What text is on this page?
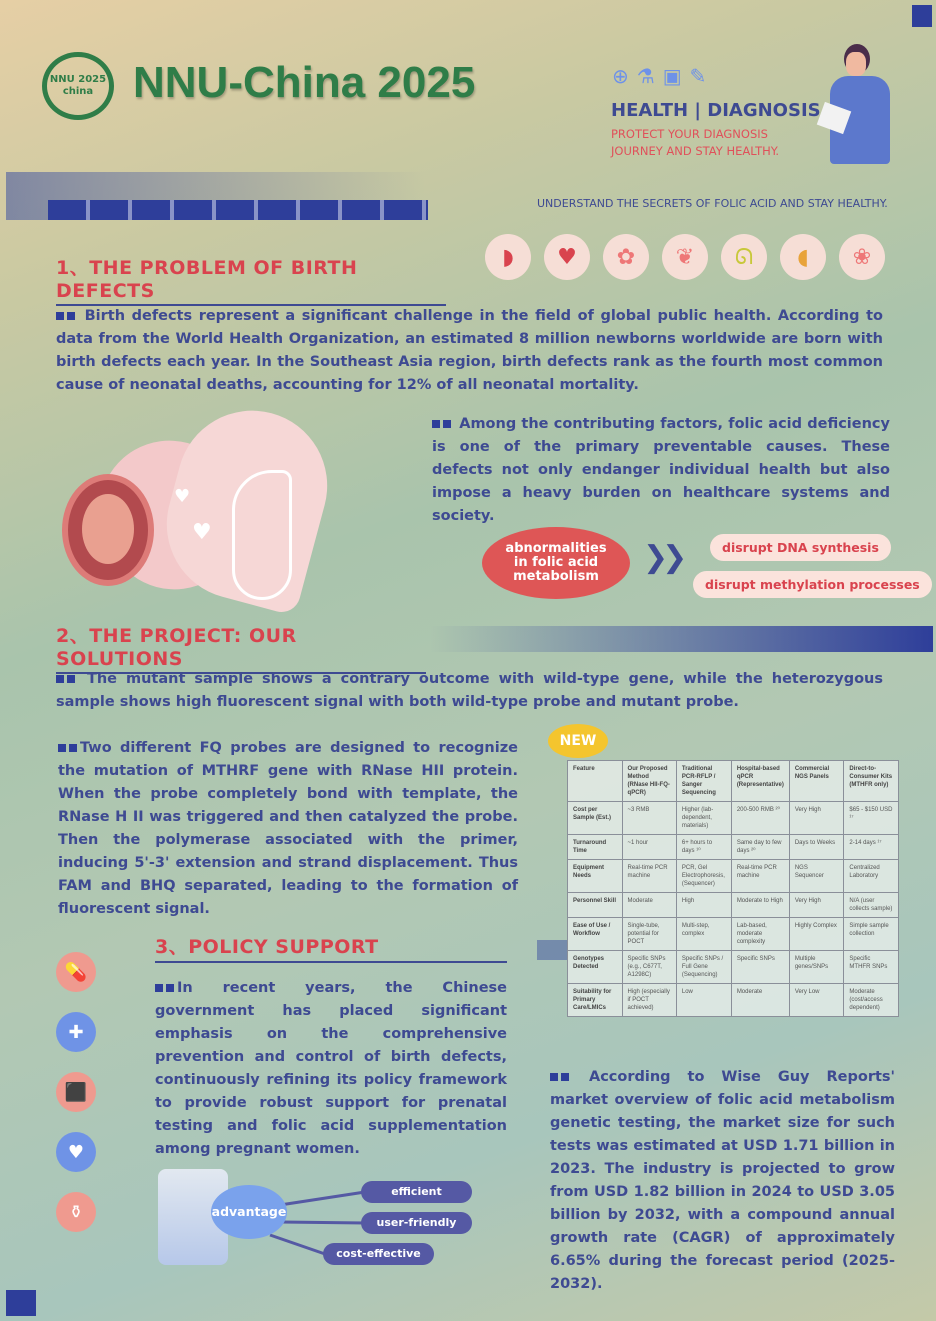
NNU 2025 china NNU-China 2025	⊕⚗▣✎
HEALTH | DIAGNOSIS
PROTECT YOUR DIAGNOSIS JOURNEY AND STAY HEALTHY.
UNDERSTAND THE SECRETS OF FOLIC ACID AND STAY HEALTHY.
1、THE PROBLEM OF BIRTH DEFECTS
◗	♥	✿	❦	ᘏ	◖	❀
Birth defects represent a significant challenge in the field of global public health. According to data from the World Health Organization, an estimated 8 million newborns worldwide are born with birth defects each year. In the Southeast Asia region, birth defects rank as the fourth most common cause of neonatal deaths, accounting for 12% of all neonatal mortality.
♥
♥
Among the contributing factors, folic acid deficiency is one of the primary preventable causes. These defects not only endanger individual health but also impose a heavy burden on healthcare systems and society.
abnormalities in folic acid metabolism
❯❯	disrupt DNA synthesis
disrupt methylation processes
2、THE PROJECT: OUR SOLUTIONS
The mutant sample shows a contrary outcome with wild-type gene, while the heterozygous sample shows high fluorescent signal with both wild-type probe and mutant probe.
Two different FQ probes are designed to recognize the mutation of MTHRF gene with RNase HII protein. When the probe completely bond with template, the RNase H II was triggered and then catalyzed the probe. Then the polymerase associated with the primer, inducing 5'-3' extension and strand displacement. Thus FAM and BHQ separated, leading to the formation of fluorescent signal.
NEW
Feature	Our Proposed Method (RNase HII-FQ-qPCR)	Traditional PCR-RFLP / Sanger Sequencing	Hospital-based qPCR (Representative)	Commercial NGS Panels	Direct-to-Consumer Kits (MTHFR only)
Cost per Sample (Est.)	~3 RMB	Higher (lab-dependent, materials)	200-500 RMB ²⁰	Very High	$65 - $150 USD ¹⁷
Turnaround Time	~1 hour	6+ hours to days ¹⁰	Same day to few days ²⁰	Days to Weeks	2-14 days ¹⁷
Equipment Needs	Real-time PCR machine	PCR, Gel Electrophoresis, (Sequencer)	Real-time PCR machine	NGS Sequencer	Centralized Laboratory
Personnel Skill	Moderate	High	Moderate to High	Very High	N/A (user collects sample)
Ease of Use / Workflow	Single-tube, potential for POCT	Multi-step, complex	Lab-based, moderate complexity	Highly Complex	Simple sample collection
Genotypes Detected	Specific SNPs (e.g., C677T, A1298C)	Specific SNPs / Full Gene (Sequencing)	Specific SNPs	Multiple genes/SNPs	Specific MTHFR SNPs
Suitability for Primary Care/LMICs	High (especially if POCT achieved)	Low	Moderate	Very Low	Moderate (cost/access dependent)
3、POLICY SUPPORT
💊
✚
⬛
♥
⚱
In recent years, the Chinese government has placed significant emphasis on the comprehensive prevention and control of birth defects, continuously refining its policy framework to provide robust support for prenatal testing and folic acid supplementation among pregnant women.
advantage
efficient
user-friendly
cost-effective
According to Wise Guy Reports' market overview of folic acid metabolism genetic testing, the market size for such tests was estimated at USD 1.71 billion in 2023. The industry is projected to grow from USD 1.82 billion in 2024 to USD 3.05 billion by 2032, with a compound annual growth rate (CAGR) of approximately 6.65% during the forecast period (2025-2032).
